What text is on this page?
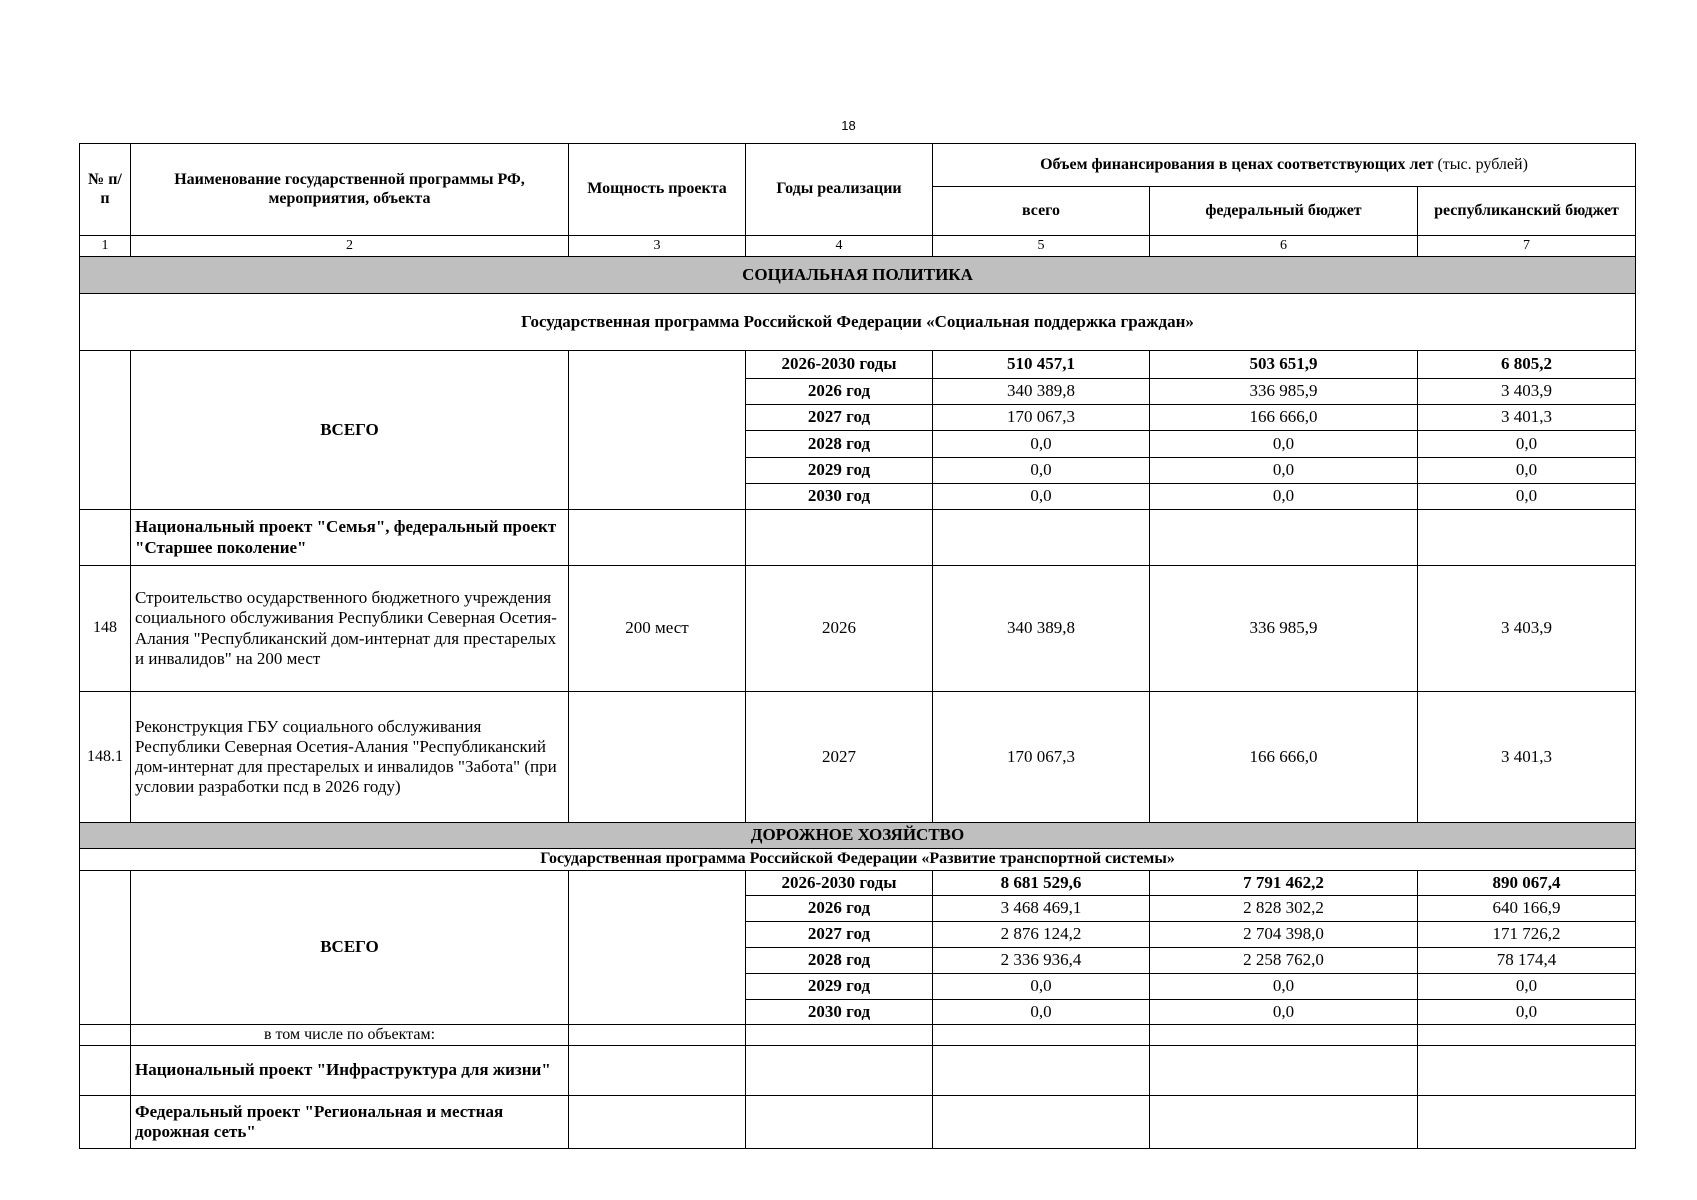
18
№ п/п	Наименование государственной программы РФ, мероприятия, объекта	Мощность проекта	Годы реализации	Объем финансирования в ценах соответствующих лет (тыс. рублей)		
				всего	федеральный бюджет	республиканский бюджет
1	2	3	4	5	6	7
СОЦИАЛЬНАЯ ПОЛИТИКА						
Государственная программа Российской Федерации «Социальная поддержка граждан»						
	ВСЕГО		2026-2030 годы	510 457,1	503 651,9	6 805,2
			2026 год	340 389,8	336 985,9	3 403,9
			2027 год	170 067,3	166 666,0	3 401,3
			2028 год	0,0	0,0	0,0
			2029 год	0,0	0,0	0,0
			2030 год	0,0	0,0	0,0
	Национальный проект "Семья", федеральный проект "Старшее поколение"					
148	Строительство осударственного бюджетного учреждения социального обслуживания Республики Северная Осетия-Алания "Республиканский дом-интернат для престарелых и инвалидов" на 200 мест	200 мест	2026	340 389,8	336 985,9	3 403,9
148.1	Реконструкция ГБУ социального обслуживания Республики Северная Осетия-Алания "Республиканский дом-интернат для престарелых и инвалидов "Забота" (при условии разработки псд в 2026 году)		2027	170 067,3	166 666,0	3 401,3
ДОРОЖНОЕ ХОЗЯЙСТВО						
Государственная программа Российской Федерации «Развитие транспортной системы»						
	ВСЕГО		2026-2030 годы	8 681 529,6	7 791 462,2	890 067,4
			2026 год	3 468 469,1	2 828 302,2	640 166,9
			2027 год	2 876 124,2	2 704 398,0	171 726,2
			2028 год	2 336 936,4	2 258 762,0	78 174,4
			2029 год	0,0	0,0	0,0
			2030 год	0,0	0,0	0,0
	в том числе по объектам:					
	Национальный проект "Инфраструктура для жизни"					
	Федеральный проект "Региональная и местная дорожная сеть"					
